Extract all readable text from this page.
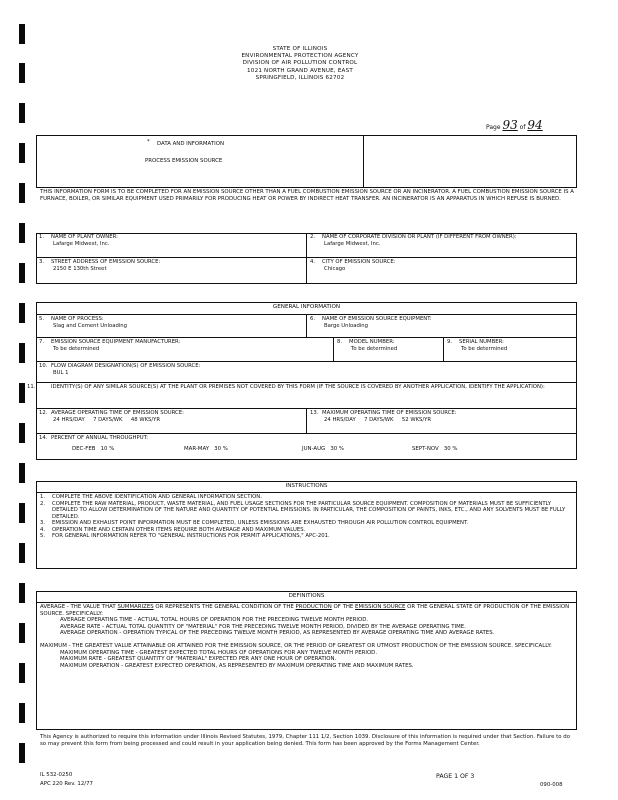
STATE OF ILLINOIS
ENVIRONMENTAL PROTECTION AGENCY
DIVISION OF AIR POLLUTION CONTROL
1021 NORTH GRAND AVENUE, EAST
SPRINGFIELD, ILLINOIS 62702
Page 93 of 94
* DATA AND INFORMATION
PROCESS EMISSION SOURCE
THIS INFORMATION FORM IS TO BE COMPLETED FOR AN EMISSION SOURCE OTHER THAN A FUEL COMBUSTION EMISSION SOURCE OR AN INCINERATOR. A FUEL COMBUSTION EMISSION SOURCE IS A FURNACE, BOILER, OR SIMILAR EQUIPMENT USED PRIMARILY FOR PRODUCING HEAT OR POWER BY INDIRECT HEAT TRANSFER. AN INCINERATOR IS AN APPARATUS IN WHICH REFUSE IS BURNED.
1. NAME OF PLANT OWNER:
Lafarge Midwest, Inc.
2. NAME OF CORPORATE DIVISION OR PLANT (IF DIFFERENT FROM OWNER):
Lafarge Midwest, Inc.
3. STREET ADDRESS OF EMISSION SOURCE:
2150 E 130th Street
4. CITY OF EMISSION SOURCE:
Chicago
GENERAL INFORMATION
5. NAME OF PROCESS:
Slag and Cement Unloading
6. NAME OF EMISSION SOURCE EQUIPMENT:
Barge Unloading
7. EMISSION SOURCE EQUIPMENT MANUFACTURER:
To be determined
8. MODEL NUMBER:
To be determined
9. SERIAL NUMBER:
To be determined
10. FLOW DIAGRAM DESIGNATION(S) OF EMISSION SOURCE:
BUL 1
11.	IDENTITY(S) OF ANY SIMILAR SOURCE(S) AT THE PLANT OR PREMISES NOT COVERED BY THIS FORM (IF THE SOURCE IS COVERED BY ANOTHER APPLICATION, IDENTIFY THE APPLICATION):
12. AVERAGE OPERATING TIME OF EMISSION SOURCE:
24 HRS/DAY 7 DAYS/WK 48 WKS/YR
13. MAXIMUM OPERATING TIME OF EMISSION SOURCE:
24 HRS/DAY 7 DAYS/WK 52 WKS/YR
14. PERCENT OF ANNUAL THROUGHPUT:
DEC-FEB 10 %	MAR-MAY 30 %	JUN-AUG 30 %	SEPT-NOV 30 %
INSTRUCTIONS
1. COMPLETE THE ABOVE IDENTIFICATION AND GENERAL INFORMATION SECTION.
2. COMPLETE THE RAW MATERIAL, PRODUCT, WASTE MATERIAL, AND FUEL USAGE SECTIONS FOR THE PARTICULAR SOURCE EQUIPMENT. COMPOSITION OF MATERIALS MUST BE SUFFICIENTLY DETAILED TO ALLOW DETERMINATION OF THE NATURE AND QUANTITY OF POTENTIAL EMISSIONS. IN PARTICULAR, THE COMPOSITION OF PAINTS, INKS, ETC., AND ANY SOLVENTS MUST BE FULLY DETAILED.
3. EMISSION AND EXHAUST POINT INFORMATION MUST BE COMPLETED, UNLESS EMISSIONS ARE EXHAUSTED THROUGH AIR POLLUTION CONTROL EQUIPMENT.
4. OPERATION TIME AND CERTAIN OTHER ITEMS REQUIRE BOTH AVERAGE AND MAXIMUM VALUES.
5. FOR GENERAL INFORMATION REFER TO "GENERAL INSTRUCTIONS FOR PERMIT APPLICATIONS," APC-201.
DEFINITIONS

AVERAGE - THE VALUE THAT SUMMARIZES OR REPRESENTS THE GENERAL CONDITION OF THE PRODUCTION OF THE EMISSION SOURCE OR THE GENERAL STATE OF PRODUCTION OF THE EMISSION SOURCE. SPECIFICALLY:

AVERAGE OPERATING TIME - ACTUAL TOTAL HOURS OF OPERATION FOR THE PRECEDING TWELVE MONTH PERIOD.

AVERAGE RATE - ACTUAL TOTAL QUANTITY OF "MATERIAL" FOR THE PRECEDING TWELVE MONTH PERIOD, DIVIDED BY THE AVERAGE OPERATING TIME.

AVERAGE OPERATION - OPERATION TYPICAL OF THE PRECEDING TWELVE MONTH PERIOD, AS REPRESENTED BY AVERAGE OPERATING TIME AND AVERAGE RATES.

MAXIMUM - THE GREATEST VALUE ATTAINABLE OR ATTAINED FOR THE EMISSION SOURCE, OR THE PERIOD OF GREATEST OR UTMOST PRODUCTION OF THE EMISSION SOURCE. SPECIFICALLY:

MAXIMUM OPERATING TIME - GREATEST EXPECTED TOTAL HOURS OF OPERATIONS FOR ANY TWELVE MONTH PERIOD.

MAXIMUM RATE - GREATEST QUANTITY OF "MATERIAL" EXPECTED PER ANY ONE HOUR OF OPERATION.

MAXIMUM OPERATION - GREATEST EXPECTED OPERATION, AS REPRESENTED BY MAXIMUM OPERATING TIME AND MAXIMUM RATES.

This Agency is authorized to require this information under Illinois Revised Statutes, 1979, Chapter 111 1/2, Section 1039. Disclosure of this information is required under that Section. Failure to do so may prevent this form from being processed and could result in your application being denied. This form has been approved by the Forms Management Center.
IL 532-0250
APC 220 Rev. 12/77
PAGE 1 OF 3
090-008
